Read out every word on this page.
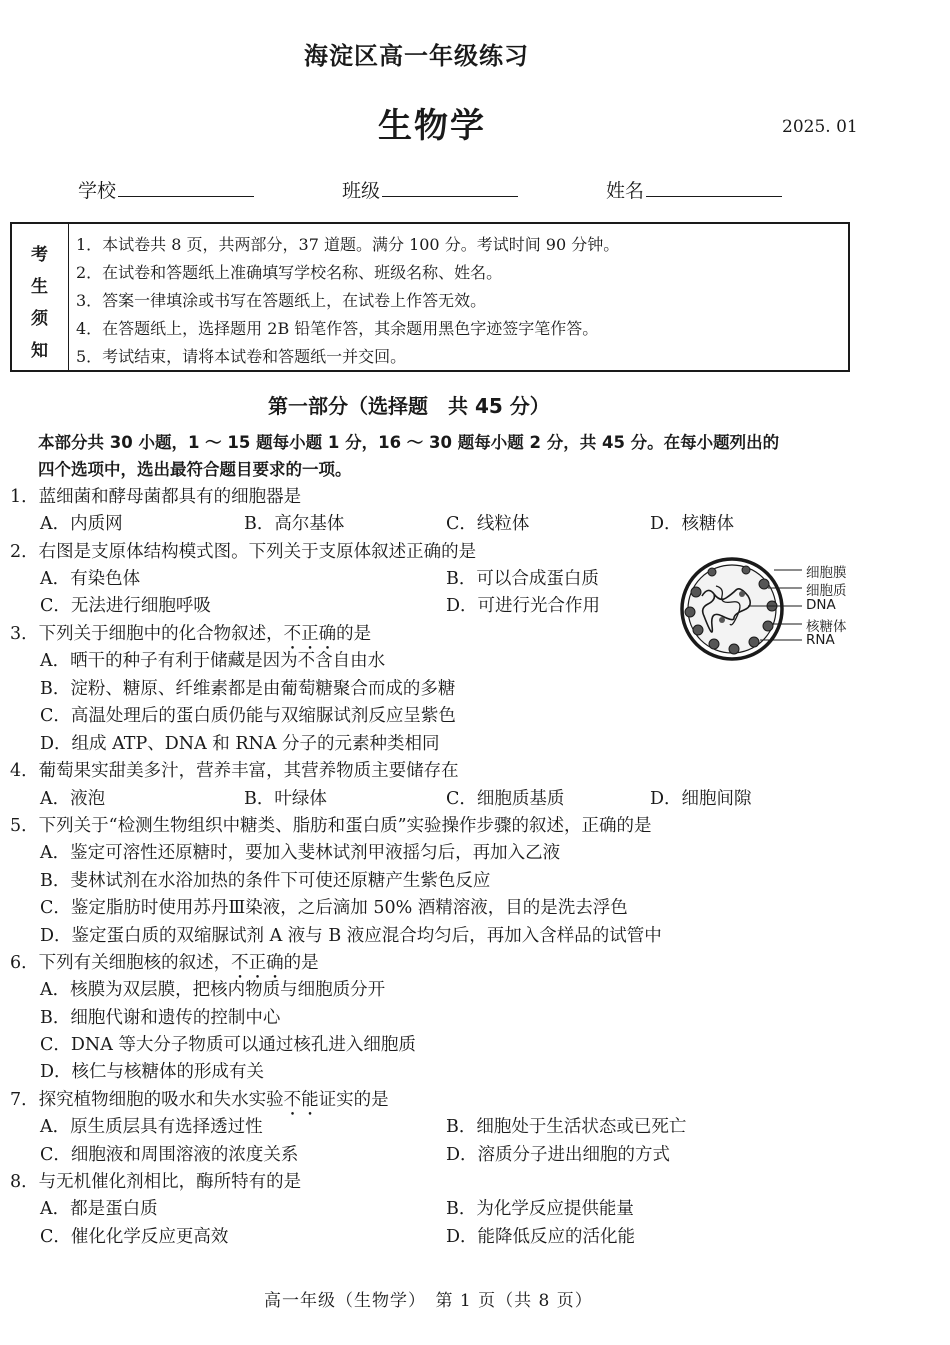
海淀区高一年级练习
生物学	2025. 01
学校	班级	姓名
考
生
须
知
1．本试卷共 8 页，共两部分，37 道题。满分 100 分。考试时间 90 分钟。
2．在试卷和答题纸上准确填写学校名称、班级名称、姓名。
3．答案一律填涂或书写在答题纸上，在试卷上作答无效。
4．在答题纸上，选择题用 2B 铅笔作答，其余题用黑色字迹签字笔作答。
5．考试结束，请将本试卷和答题纸一并交回。
第一部分（选择题　共 45 分）
本部分共 30 小题，1 ～ 15 题每小题 1 分，16 ～ 30 题每小题 2 分，共 45 分。在每小题列出的
四个选项中，选出最符合题目要求的一项。
1．蓝细菌和酵母菌都具有的细胞器是
A．内质网	B．高尔基体	C．线粒体	D．核糖体
2．右图是支原体结构模式图。下列关于支原体叙述正确的是
A．有染色体	B．可以合成蛋白质
C．无法进行细胞呼吸	D．可进行光合作用
细胞膜
细胞质
DNA
核糖体
RNA
3．下列关于细胞中的化合物叙述，不正确的是
A．晒干的种子有利于储藏是因为不含自由水
B．淀粉、糖原、纤维素都是由葡萄糖聚合而成的多糖
C．高温处理后的蛋白质仍能与双缩脲试剂反应呈紫色
D．组成 ATP、DNA 和 RNA 分子的元素种类相同
4．葡萄果实甜美多汁，营养丰富，其营养物质主要储存在
A．液泡	B．叶绿体	C．细胞质基质	D．细胞间隙
5．下列关于“检测生物组织中糖类、脂肪和蛋白质”实验操作步骤的叙述，正确的是
A．鉴定可溶性还原糖时，要加入斐林试剂甲液摇匀后，再加入乙液
B．斐林试剂在水浴加热的条件下可使还原糖产生紫色反应
C．鉴定脂肪时使用苏丹Ⅲ染液，之后滴加 50% 酒精溶液，目的是洗去浮色
D．鉴定蛋白质的双缩脲试剂 A 液与 B 液应混合均匀后，再加入含样品的试管中
6．下列有关细胞核的叙述，不正确的是
A．核膜为双层膜，把核内物质与细胞质分开
B．细胞代谢和遗传的控制中心
C．DNA 等大分子物质可以通过核孔进入细胞质
D．核仁与核糖体的形成有关
7．探究植物细胞的吸水和失水实验不能证实的是
A．原生质层具有选择透过性	B．细胞处于生活状态或已死亡
C．细胞液和周围溶液的浓度关系	D．溶质分子进出细胞的方式
8．与无机催化剂相比，酶所特有的是
A．都是蛋白质	B．为化学反应提供能量
C．催化化学反应更高效	D．能降低反应的活化能
高一年级（生物学）　第 1 页（共 8 页）
